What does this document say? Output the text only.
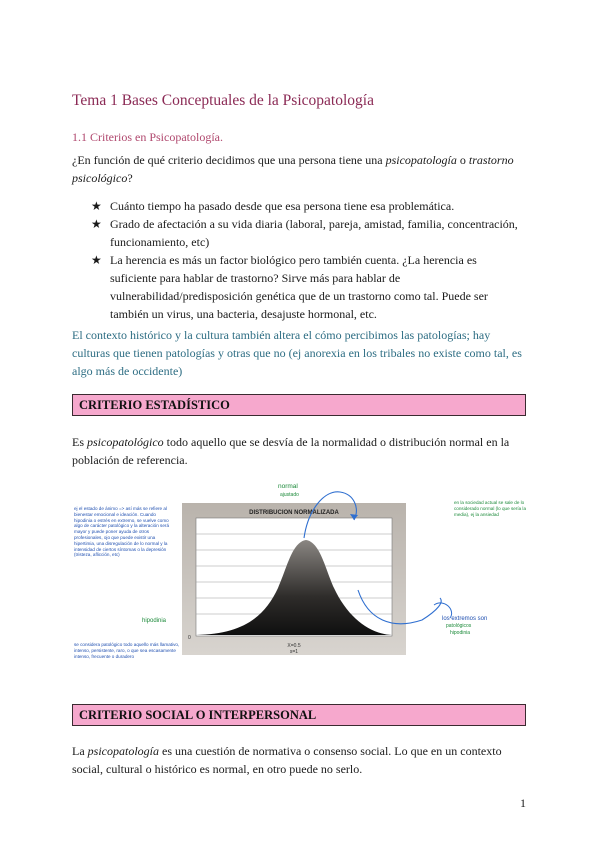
Tema 1 Bases Conceptuales de la Psicopatología
1.1 Criterios en Psicopatología.
¿En función de qué criterio decidimos que una persona tiene una psicopatología o trastorno psicológico?
★ Cuánto tiempo ha pasado desde que esa persona tiene esa problemática.
★ Grado de afectación a su vida diaria (laboral, pareja, amistad, familia, concentración, funcionamiento, etc)
★ La herencia es más un factor biológico pero también cuenta. ¿La herencia es suficiente para hablar de trastorno? Sirve más para hablar de vulnerabilidad/predisposición genética que de un trastorno como tal. Puede ser también un virus, una bacteria, desajuste hormonal, etc.
El contexto histórico y la cultura también altera el cómo percibimos las patologías; hay culturas que tienen patologías y otras que no (ej anorexia en los tribales no existe como tal, es algo más de occidente)
CRITERIO ESTADÍSTICO
Es psicopatológico todo aquello que se desvía de la normalidad o distribución normal en la población de referencia.
DISTRIBUCION NORMALIZADA
X=0.5
s=1
0
normal
ajustado
hipodinia	los extremos son
patológicos
hipodinia
ej el estado de ánimo => así más se refiere al bienestar emocional e ideación. Cuando hipodinia o estrés en extremo, se vuelve como algo de carácter patológico y la alteración será mayor y puede poner ayuda de otros profesionales, ojo que puede existir una hipertimia, una disregulación de lo normal y la intensidad de ciertos síntomas o la depresión (tristeza, aflicción, etc)
se considera patológico todo aquello más llamativo, intenso, persistente, raro, o que sea escasamente intenso, frecuente o duradero
en la sociedad actual se sale de lo considerado normal (lo que sería la media), ej la ansiedad
CRITERIO SOCIAL O INTERPERSONAL
La psicopatología es una cuestión de normativa o consenso social. Lo que en un contexto social, cultural o histórico es normal, en otro puede no serlo.
1
